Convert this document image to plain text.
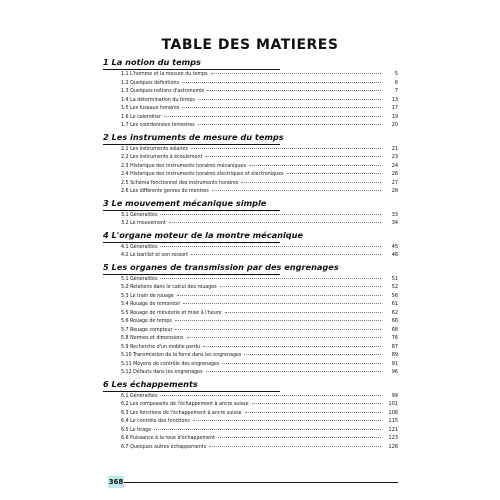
TABLE DES MATIERES
1 La notion du temps
1.1 L'homme et la mesure du temps	5
1.2 Quelques définitions	6
1.3 Quelques notions d'astronomie	7
1.4 La détermination du temps	13
1.5 Les fuseaux horaires	17
1.6 Le calendrier	19
1.7 Les coordonnées terrestres	20
2 Les instruments de mesure du temps
2.1 Les instruments solaires	21
2.2 Les instruments à écoulement	23
2.3 Historique des instruments horaires mécaniques	24
2.4 Historique des instruments horaires électriques et électroniques	26
2.5 Schéma fonctionnel des instruments horaires	27
2.6 Les différents genres de montres	28
3 Le mouvement mécanique simple
3.1 Généralités	33
3.2 Le mouvement	34
4 L'organe moteur de la montre mécanique
4.1 Généralités	45
4.2 Le barillet et son ressort	46
5 Les organes de transmission par des engrenages
5.1 Généralités	51
5.2 Relations dans le calcul des rouages	52
5.3 Le train de rouage	56
5.4 Rouage de remontoir	61
5.5 Rouage de minuterie et mise à l'heure	62
5.6 Rouage de temps	66
5.7 Rouage compteur	68
5.8 Normes et dimensions	76
5.9 Recherche d'un mobile perdu	87
5.10 Transmission de la force dans les engrenages	89
5.11 Moyens de contrôle des engrenages	91
5.12 Défauts dans les engrenages	96
6 Les échappements
6.1 Généralités	99
6.2 Les composants de l'échappement à ancre suisse	101
6.3 Les fonctions de l'échappement à ancre suisse	106
6.4 Le contrôle des fonctions	115
6.5 Le tirage	121
6.6 Puissance à la roue d'échappement	123
6.7 Quelques autres échappements	126
368
